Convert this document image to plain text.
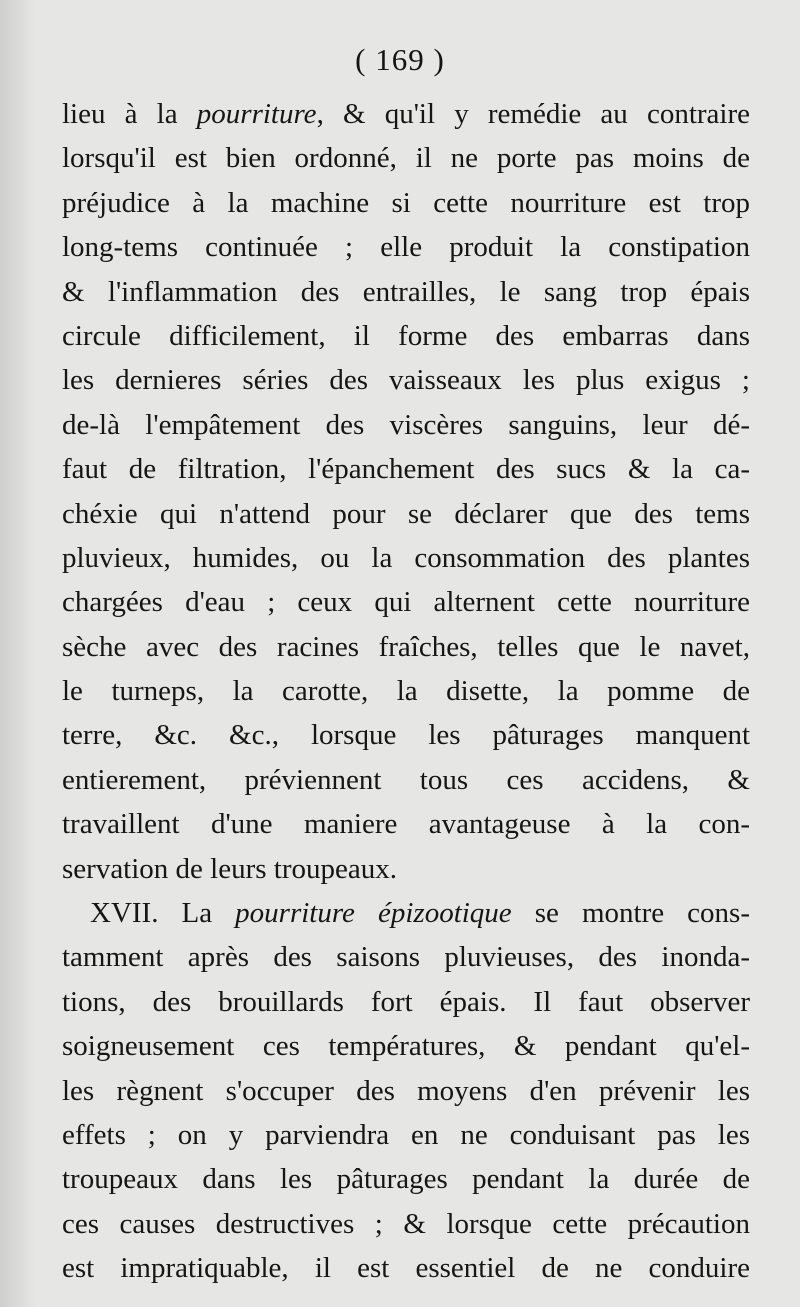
( 169 )
lieu à la pourriture, & qu'il y remédie au contraire
lorsqu'il est bien ordonné, il ne porte pas moins de
préjudice à la machine si cette nourriture est trop
long-tems continuée ; elle produit la constipation
& l'inflammation des entrailles, le sang trop épais
circule difficilement, il forme des embarras dans
les dernieres séries des vaisseaux les plus exigus ;
de-là l'empâtement des viscères sanguins, leur dé-
faut de filtration, l'épanchement des sucs & la ca-
chéxie qui n'attend pour se déclarer que des tems
pluvieux, humides, ou la consommation des plantes
chargées d'eau ; ceux qui alternent cette nourriture
sèche avec des racines fraîches, telles que le navet,
le turneps, la carotte, la disette, la pomme de
terre, &c. &c., lorsque les pâturages manquent
entierement, préviennent tous ces accidens, &
travaillent d'une maniere avantageuse à la con-
servation de leurs troupeaux.
XVII. La pourriture épizootique se montre cons-
tamment après des saisons pluvieuses, des inonda-
tions, des brouillards fort épais. Il faut observer
soigneusement ces températures, & pendant qu'el-
les règnent s'occuper des moyens d'en prévenir les
effets ; on y parviendra en ne conduisant pas les
troupeaux dans les pâturages pendant la durée de
ces causes destructives ; & lorsque cette précaution
est impratiquable, il est essentiel de ne conduire
